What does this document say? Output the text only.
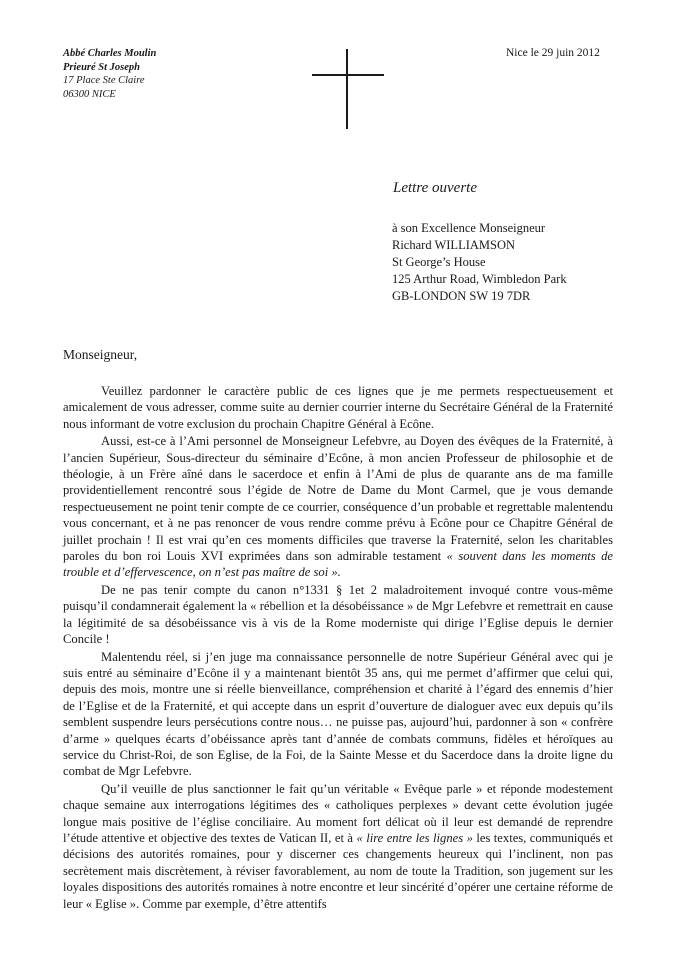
Abbé Charles Moulin
Prieuré St Joseph
17 Place Ste Claire
06300 NICE
Nice le 29 juin 2012
Lettre ouverte
à son Excellence Monseigneur
Richard WILLIAMSON
St George’s House
125 Arthur Road, Wimbledon Park
GB-LONDON SW 19 7DR
Monseigneur,

Veuillez pardonner le caractère public de ces lignes que je me permets respectueusement et amicalement de vous adresser, comme suite au dernier courrier interne du Secrétaire Général de la Fraternité nous informant de votre exclusion du prochain Chapitre Général à Ecône.

Aussi, est-ce à l’Ami personnel de Monseigneur Lefebvre, au Doyen des évêques de la Fraternité, à l’ancien Supérieur, Sous-directeur du séminaire d’Ecône, à mon ancien Professeur de philosophie et de théologie, à un Frère aîné dans le sacerdoce et enfin à l’Ami de plus de quarante ans de ma famille providentiellement rencontré sous l’égide de Notre de Dame du Mont Carmel, que je vous demande respectueusement ne point tenir compte de ce courrier, conséquence d’un probable et regrettable malentendu vous concernant, et à ne pas renoncer de vous rendre comme prévu à Ecône pour ce Chapitre Général de juillet prochain ! Il est vrai qu’en ces moments difficiles que traverse la Fraternité, selon les charitables paroles du bon roi Louis XVI exprimées dans son admirable testament « souvent dans les moments de trouble et d’effervescence, on n’est pas maître de soi ».

De ne pas tenir compte du canon n°1331 § 1et 2 maladroitement invoqué contre vous-même puisqu’il condamnerait également la « rébellion et la désobéissance » de Mgr Lefebvre et remettrait en cause la légitimité de sa désobéissance vis à vis de la Rome moderniste qui dirige l’Eglise depuis le dernier Concile !

Malentendu réel, si j’en juge ma connaissance personnelle de notre Supérieur Général avec qui je suis entré au séminaire d’Ecône il y a maintenant bientôt 35 ans, qui me permet d’affirmer que celui qui, depuis des mois, montre une si réelle bienveillance, compréhension et charité à l’égard des ennemis d’hier de l’Eglise et de la Fraternité, et qui accepte dans un esprit d’ouverture de dialoguer avec eux depuis qu’ils semblent suspendre leurs persécutions contre nous… ne puisse pas, aujourd’hui, pardonner à son « confrère d’arme » quelques écarts d’obéissance après tant d’année de combats communs, fidèles et héroïques au service du Christ-Roi, de son Eglise, de la Foi, de la Sainte Messe et du Sacerdoce dans la droite ligne du combat de Mgr Lefebvre.

Qu’il veuille de plus sanctionner le fait qu’un véritable « Evêque parle » et réponde modestement chaque semaine aux interrogations légitimes des « catholiques perplexes » devant cette évolution jugée longue mais positive de l’église conciliaire. Au moment fort délicat où il leur est demandé de reprendre l’étude attentive et objective des textes de Vatican II, et à « lire entre les lignes » les textes, communiqués et décisions des autorités romaines, pour y discerner ces changements heureux qui l’inclinent, non pas secrètement mais discrètement, à réviser favorablement, au nom de toute la Tradition, son jugement sur les loyales dispositions des autorités romaines à notre encontre et leur sincérité d’opérer une certaine réforme de leur « Eglise ». Comme par exemple, d’être attentifs
